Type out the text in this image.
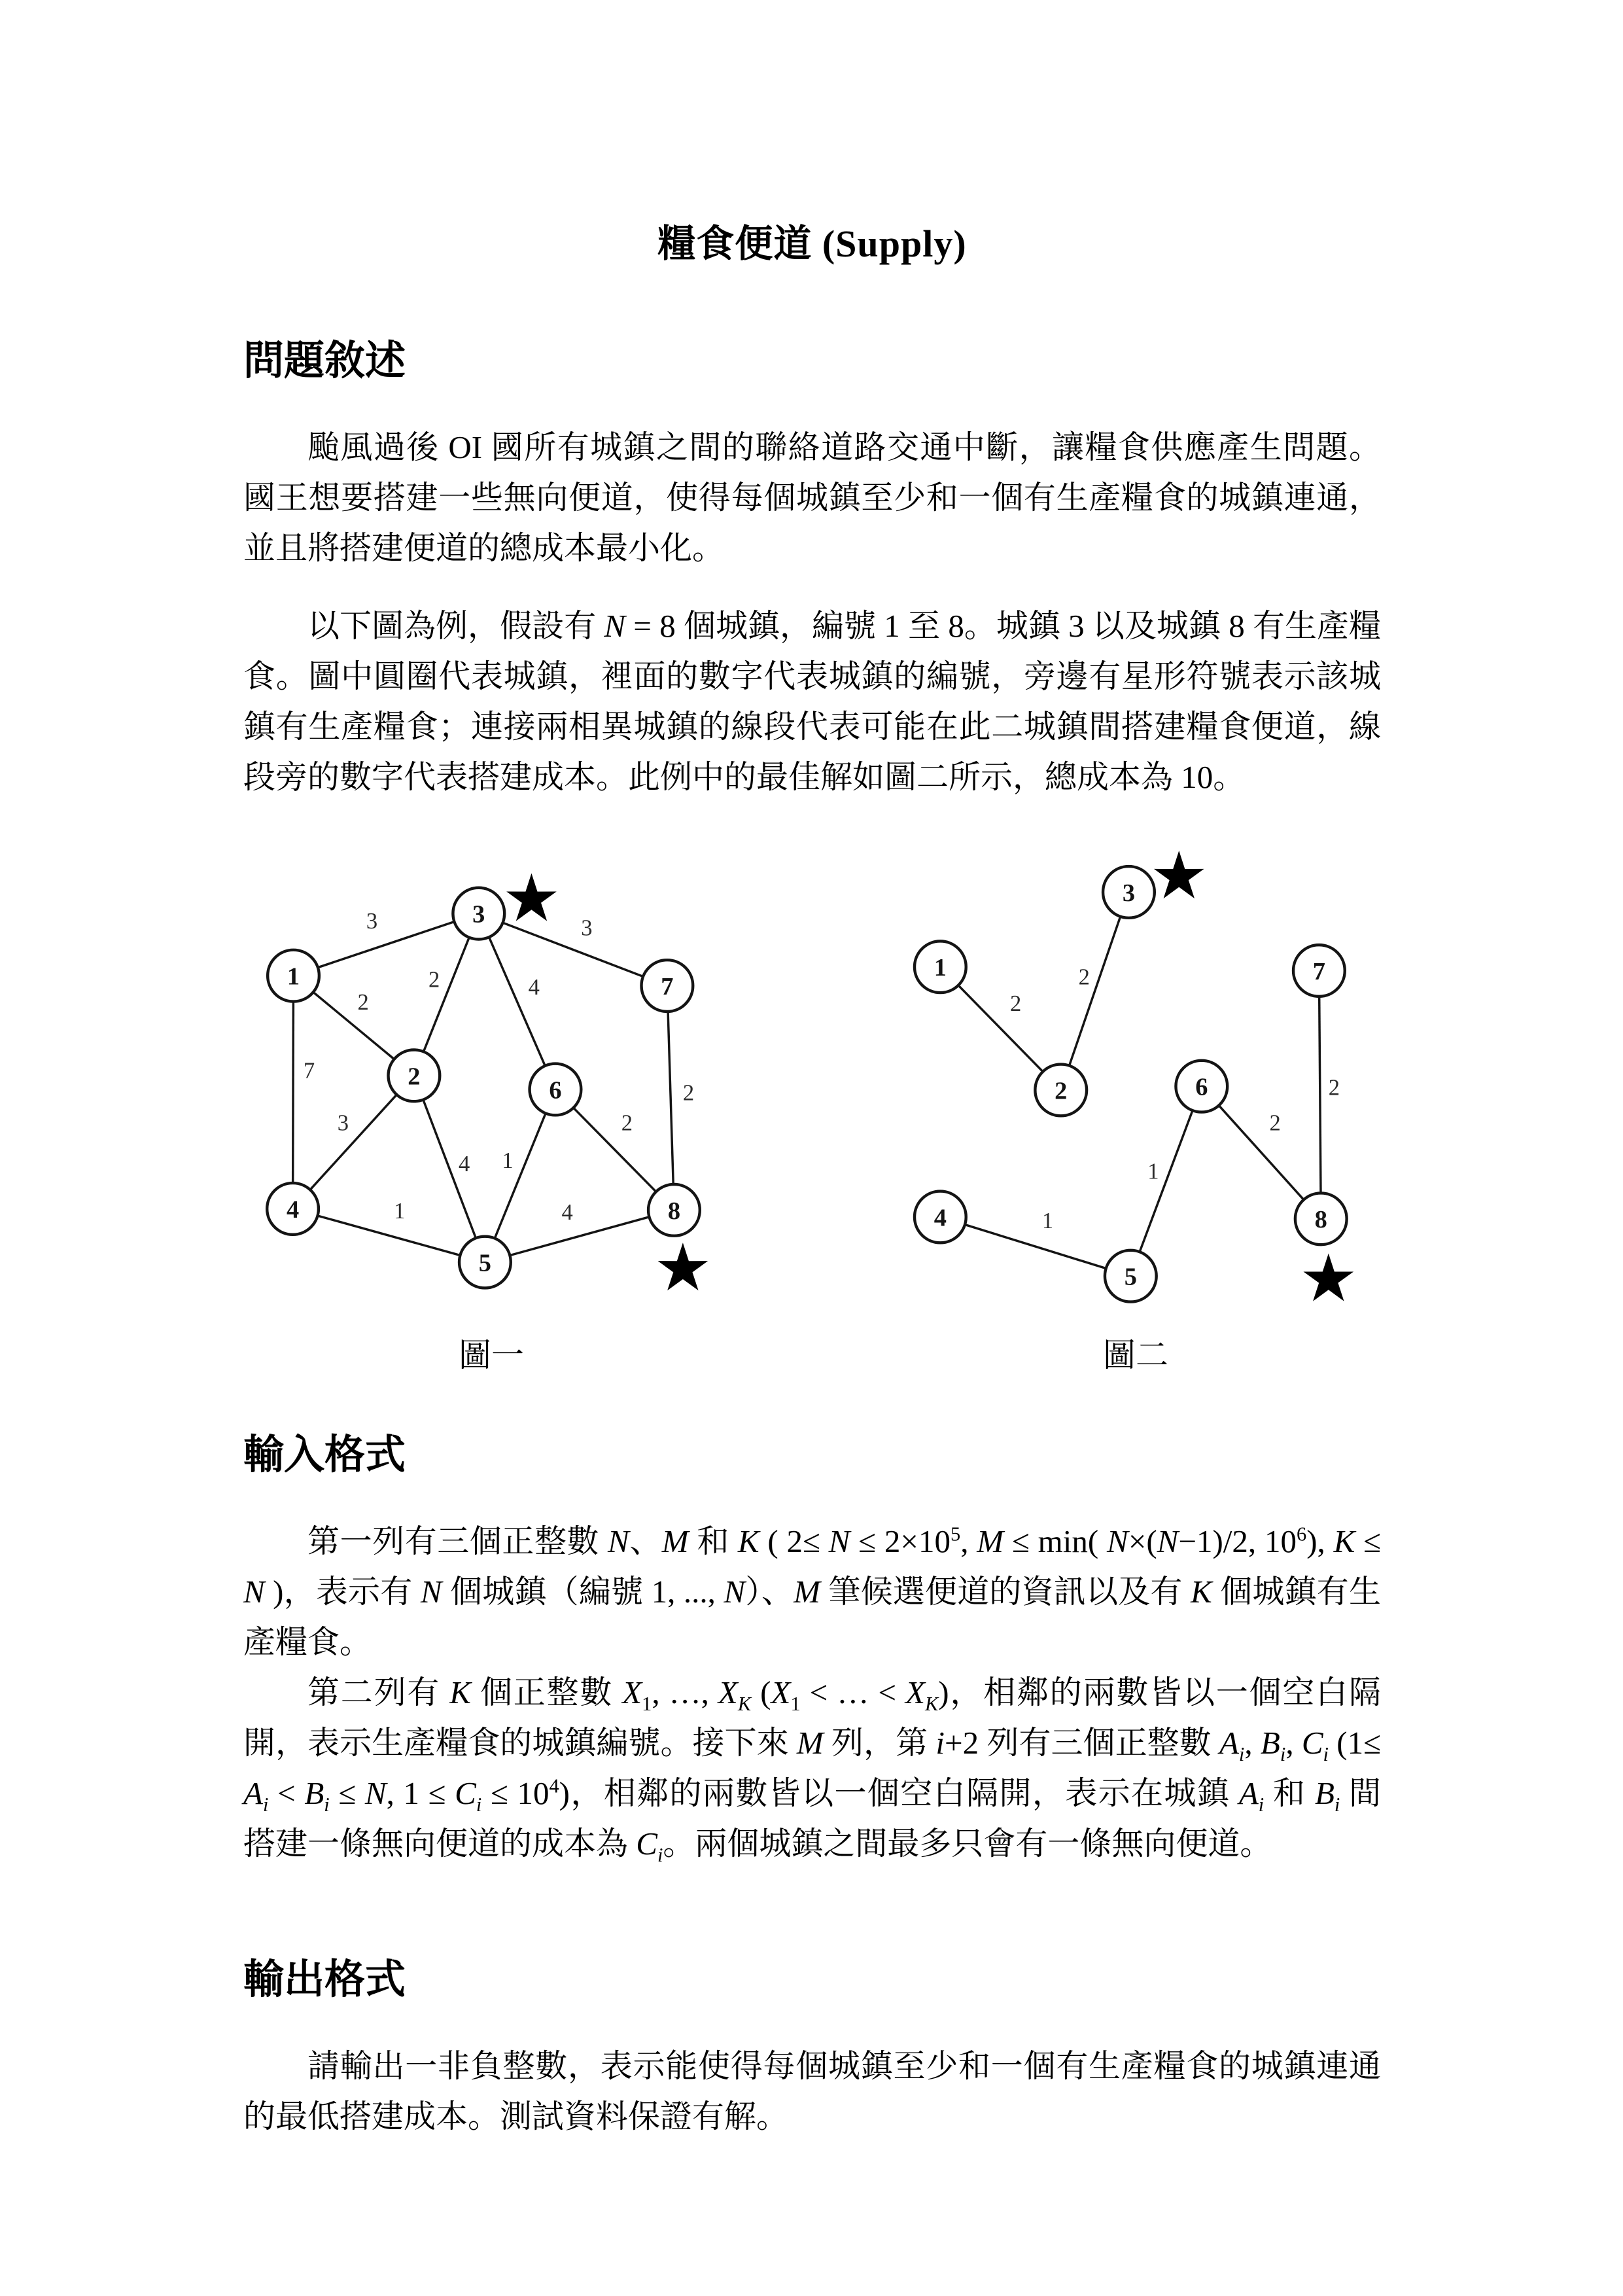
糧食便道 (Supply)
問題敘述

颱風過後 OI 國所有城鎮之間的聯絡道路交通中斷，讓糧食供應產生問題。國王想要搭建一些無向便道，使得每個城鎮至少和一個有生產糧食的城鎮連通，並且將搭建便道的總成本最小化。

以下圖為例，假設有 N = 8 個城鎮，編號 1 至 8。城鎮 3 以及城鎮 8 有生產糧食。圖中圓圈代表城鎮，裡面的數字代表城鎮的編號，旁邊有星形符號表示該城鎮有生產糧食；連接兩相異城鎮的線段代表可能在此二城鎮間搭建糧食便道，線段旁的數字代表搭建成本。此例中的最佳解如圖二所示，總成本為 10。

3	3
2	4
2
7
3
4 1
2
2
1	4
1
2
3
4
5
6
7
8
圖一
2
2
1
1
2
2
1
2
3
4
5
6
7
8
圖二
輸入格式

第一列有三個正整數 N、M 和 K ( $2\le N \le 2\times 10^5$, M ≤ min( N×(N−1)/2, $10^6$), K ≤ N )，表示有 N 個城鎮（編號 1, ..., N）、M 筆候選便道的資訊以及有 K 個城鎮有生產糧食。

第二列有 K 個正整數 $X_1$, …, $X_K$ ($X_1$ < … < $X_K$)，相鄰的兩數皆以一個空白隔開，表示生產糧食的城鎮編號。接下來 M 列，第 i+2 列有三個正整數 $A_i$, $B_i$, $C_i$ ($1\le A_i < B_i \le N$, $1 \le C_i \le 10^4$)，相鄰的兩數皆以一個空白隔開，表示在城鎮 $A_i$ 和 $B_i$ 間搭建一條無向便道的成本為 $C_i$。兩個城鎮之間最多只會有一條無向便道。

輸出格式

請輸出一非負整數，表示能使得每個城鎮至少和一個有生產糧食的城鎮連通的最低搭建成本。測試資料保證有解。
